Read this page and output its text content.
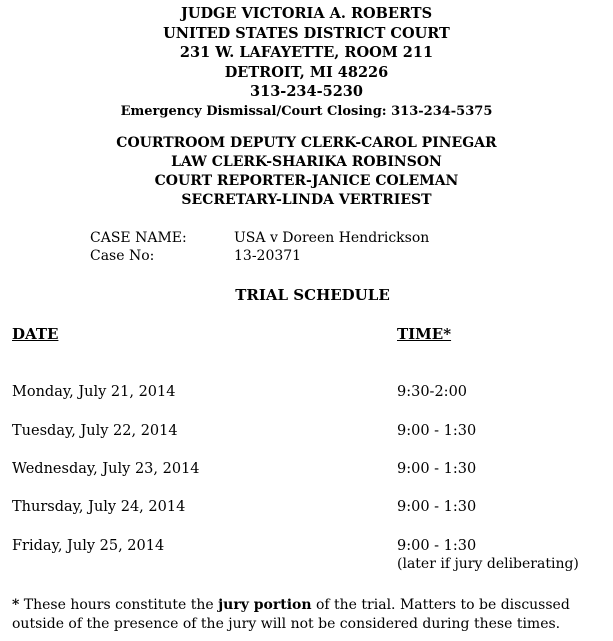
JUDGE VICTORIA A. ROBERTS
UNITED STATES DISTRICT COURT
231 W. LAFAYETTE, ROOM 211
DETROIT, MI 48226
313-234-5230
Emergency Dismissal/Court Closing: 313-234-5375
COURTROOM DEPUTY CLERK-CAROL PINEGAR
LAW CLERK-SHARIKA ROBINSON
COURT REPORTER-JANICE COLEMAN
SECRETARY-LINDA VERTRIEST
CASE NAME:	USA v Doreen Hendrickson
Case No:	13-20371
TRIAL SCHEDULE
DATE	TIME*
Monday, July 21, 2014	9:30-2:00
Tuesday, July 22, 2014	9:00 - 1:30
Wednesday, July 23, 2014	9:00 - 1:30
Thursday, July 24, 2014	9:00 - 1:30
Friday, July 25, 2014	9:00 - 1:30
(later if jury deliberating)
* These hours constitute the jury portion of the trial. Matters to be discussed outside of the presence of the jury will not be considered during these times.
